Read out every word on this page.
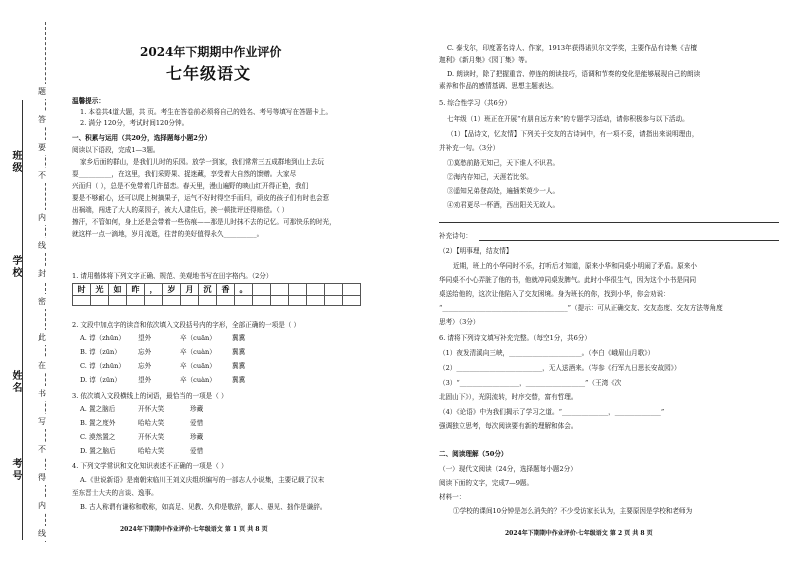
班级
学校
姓名
考号
题
答
要
不
内
线
封
密
此
在
书
写
不
得
内
线
2024年下期期中作业评价
七年级语文
温馨提示：
1. 本卷共4道大题，共 页。考生在答卷前必须将自己的姓名、考号等填写在答题卡上。
2. 满分 120分，考试时间120分钟。
一、积累与运用（共20分，选择题每小题2分）
阅读以下语段，完成1—3题。
家乡后面的群山，是我们儿时的乐园。放学一到家，我们常常三五成群地到山上去玩
耍__________，在这里，我们采野果、捉迷藏，享受着大自然的馈赠。大家尽
兴而归（ ），总是不免带着几许留恋。春天里，漫山遍野的映山红开得正艳，我们
要是不够耐心，还可以爬上树摘果子，运气不好时得空手而归，顽皮的孩子们有时也会惹
出祸端，闯进了大人的菜园子，被大人逮住后，挨一顿批评还得赔偿。（ ）
擦汗，不管如何，身上还是会带着一些伤痕——那是儿时抹不去的记忆。可那快乐的时光，
就这样一点一滴地，岁月流逝，往昔的美好值得永久__________。
1. 请用楷体将下列文字正确、规范、美观地书写在田字格内。（2分）
时	光	如	昨	，	岁	月	沉	香	。						

2. 文段中加点字的读音和依次填入文段括号内的字形，全部正确的一项是（ ）
A. 谆（zhūn） 望外	卒（cuān） 冀冀
B. 谆（zūn）	忘外	卒（cuàn） 冀冀
C. 谆（zhūn） 忘外	卒（cuān） 冀冀
D. 谆（zūn）	望外	卒（cuàn） 冀冀
3. 依次填入文段横线上的词语，最恰当的一项是（ ）
A. 置之脑后	开怀大笑	珍藏
B. 置之度外	哈哈大笑	爱惜
C. 漠然置之	开怀大笑	珍藏
D. 置之脑后	哈哈大笑	爱惜
4. 下列文学常识和文化知识表述不正确的一项是（ ）
A.《世说新语》是南朝宋临川王刘义庆组织编写的一部志人小说集，主要记载了汉末
至东晋士大夫的言谈、逸事。
B. 古人称谓有谦称和敬称，如高足、见教、久仰是敬辞，鄙人、愚见、拙作是谦辞。
2024年下期期中作业评价·七年级语文 第 1 页 共 8 页
C. 泰戈尔，印度著名诗人、作家，1913年获得诺贝尔文学奖，主要作品有诗集《吉檀
迦利》《新月集》《园丁集》等。
D. 朗读时，除了把握重音、停连的朗读技巧，语调和节奏的变化是能够展现自己的朗读
素养和作品的感情基调、思想主题表达。
5. 综合性学习（共6分）
七年级（1）班正在开展“有朋自远方来”的专题学习活动，请你积极参与以下活动。
（1）【品诗文，忆友情】下列关于交友的古诗词中，有一项不妥，请指出来说明理由，
并补充一句。（3分）
①莫愁前路无知己，天下谁人不识君。
②海内存知己，天涯若比邻。
③遥知兄弟登高处，遍插茱萸少一人。
④劝君更尽一杯酒，西出阳关无故人。
补充诗句：
（2）【明事理，结友情】
近期，班上的小华同时不乐，打听后才知道，原来小华和同桌小明闹了矛盾。原来小
华同桌不小心弄脏了他的书，他就冲同桌发脾气。此时小华很生气，因为这个小书是同同
桌送给他的，这次让他陷入了交友困境。身为班长的你，找到小华，你会劝说：
“______________________________________”（提示：可从正确交友、交友态度、交友方法等角度
思考）（3分）
6. 请将下列诗文填写补充完整。（每空1分，共6分）
（1）夜发清溪向三峡，______________________。（李白《峨眉山月歌》）
（2）__________________________，无人送酒来。（岑参《行军九日思长安故园》）
（3）“__________________，__________________”（王湾《次
北固山下》），光阴流转，时序交替，富有哲理。
（4）《论语》中为我们揭示了学习之道。“______________，______________”
强调独立思考，每次阅读要有新的理解和体会。
二、阅读理解（50分）
（一）现代文阅读（24分，选择题每小题2分）
阅读下面的文字，完成7—9题。
材料一：
①学校的课间10分钟是怎么消失的？不少受访家长认为，主要原因是学校和老师为
2024年下期期中作业评价·七年级语文 第 2 页 共 8 页
